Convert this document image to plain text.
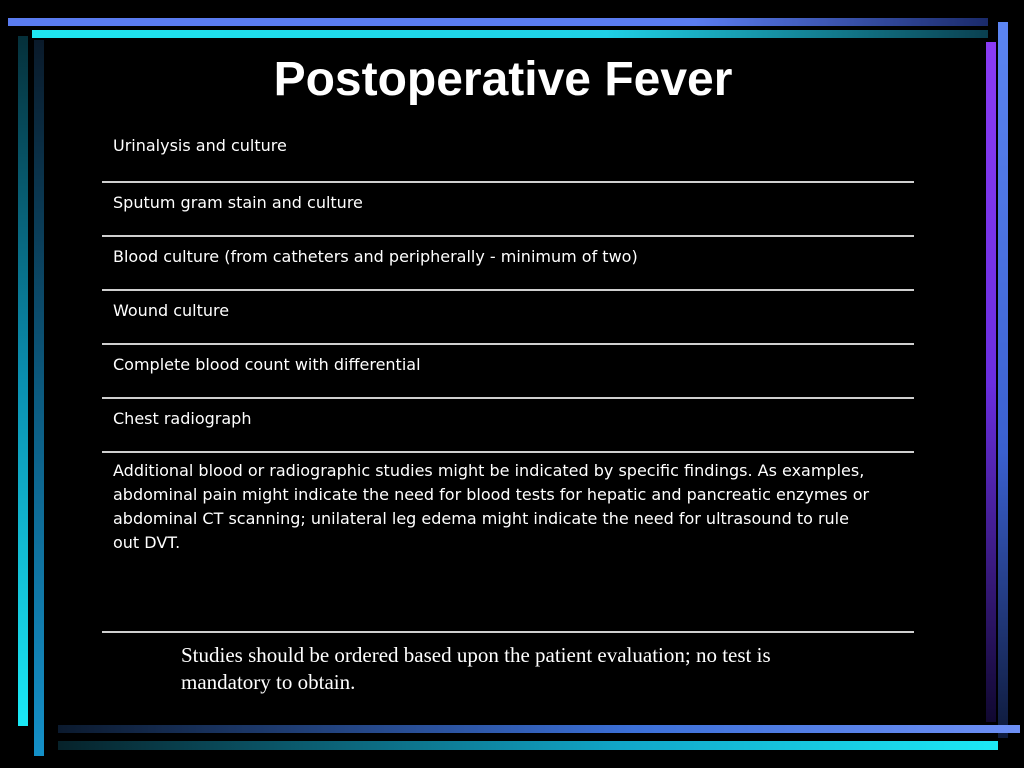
Postoperative Fever
Urinalysis and culture
Sputum gram stain and culture
Blood culture (from catheters and peripherally - minimum of two)
Wound culture
Complete blood count with differential
Chest radiograph
Additional blood or radiographic studies might be indicated by specific findings. As examples, abdominal pain might indicate the need for blood tests for hepatic and pancreatic enzymes or abdominal CT scanning; unilateral leg edema might indicate the need for ultrasound to rule out DVT.
Studies should be ordered based upon the patient evaluation; no test is mandatory to obtain.
